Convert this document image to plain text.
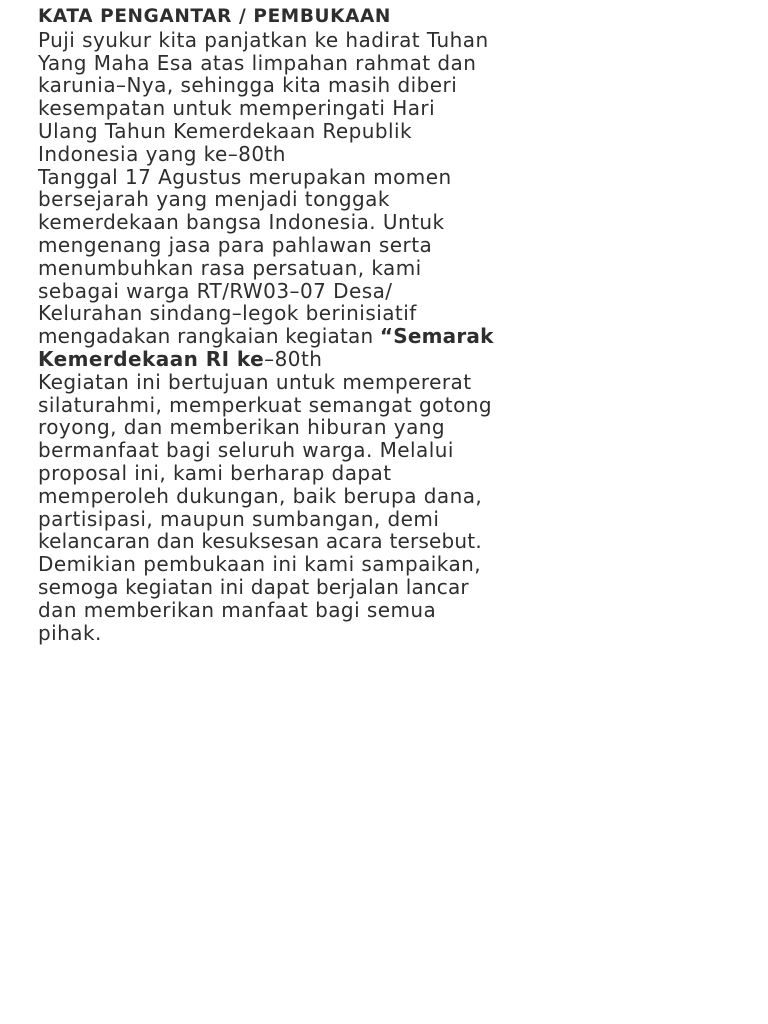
KATA PENGANTAR / PEMBUKAAN
Puji syukur kita panjatkan ke hadirat Tuhan
Yang Maha Esa atas limpahan rahmat dan
karunia–Nya, sehingga kita masih diberi
kesempatan untuk memperingati Hari
Ulang Tahun Kemerdekaan Republik
Indonesia yang ke–80th
Tanggal 17 Agustus merupakan momen
bersejarah yang menjadi tonggak
kemerdekaan bangsa Indonesia. Untuk
mengenang jasa para pahlawan serta
menumbuhkan rasa persatuan, kami
sebagai warga RT/RW03–07 Desa/
Kelurahan sindang–legok berinisiatif
mengadakan rangkaian kegiatan “Semarak
Kemerdekaan RI ke–80th
Kegiatan ini bertujuan untuk mempererat
silaturahmi, memperkuat semangat gotong
royong, dan memberikan hiburan yang
bermanfaat bagi seluruh warga. Melalui
proposal ini, kami berharap dapat
memperoleh dukungan, baik berupa dana,
partisipasi, maupun sumbangan, demi
kelancaran dan kesuksesan acara tersebut.
Demikian pembukaan ini kami sampaikan,
semoga kegiatan ini dapat berjalan lancar
dan memberikan manfaat bagi semua
pihak.
